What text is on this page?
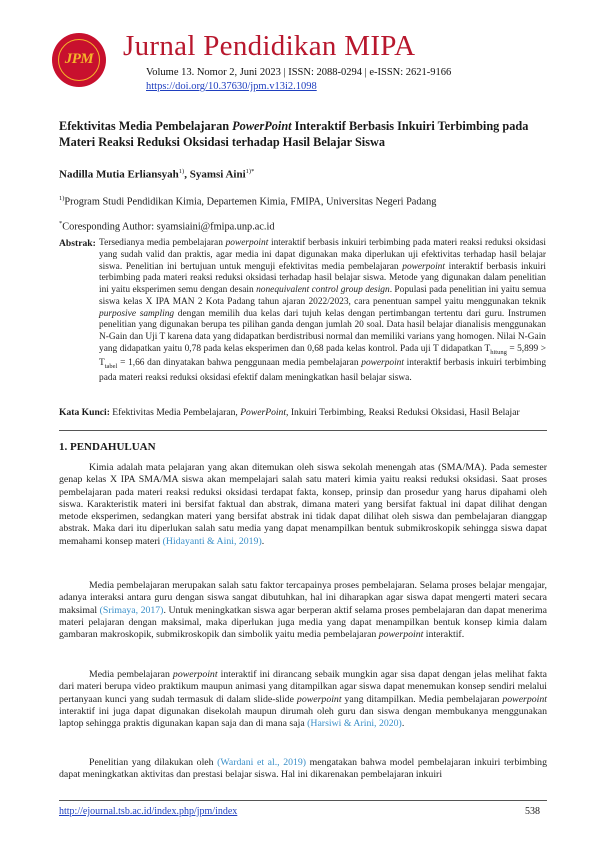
JPM Jurnal Pendidikan MIPA
Volume 13. Nomor 2, Juni 2023 | ISSN: 2088-0294 | e-ISSN: 2621-9166
https://doi.org/10.37630/jpm.v13i2.1098
Efektivitas Media Pembelajaran PowerPoint Interaktif Berbasis Inkuiri Terbimbing pada Materi Reaksi Reduksi Oksidasi terhadap Hasil Belajar Siswa
Nadilla Mutia Erliansyah$^{1)}$, Syamsi Aini$^{1)*}$
$^{1)}$Program Studi Pendidikan Kimia, Departemen Kimia, FMIPA, Universitas Negeri Padang
*Coresponding Author: syamsiaini@fmipa.unp.ac.id
Abstrak: Tersedianya media pembelajaran powerpoint interaktif berbasis inkuiri terbimbing pada materi reaksi reduksi oksidasi yang sudah valid dan praktis, agar media ini dapat digunakan maka diperlukan uji efektivitas terhadap hasil belajar siswa. Penelitian ini bertujuan untuk menguji efektivitas media pembelajaran powerpoint interaktif berbasis inkuiri terbimbing pada materi reaksi reduksi oksidasi terhadap hasil belajar siswa. Metode yang digunakan dalam penelitian ini yaitu eksperimen semu dengan desain nonequivalent control group design. Populasi pada penelitian ini yaitu semua siswa kelas X IPA MAN 2 Kota Padang tahun ajaran 2022/2023, cara penentuan sampel yaitu menggunakan teknik purposive sampling dengan memilih dua kelas dari tujuh kelas dengan pertimbangan tertentu dari guru. Instrumen penelitian yang digunakan berupa tes pilihan ganda dengan jumlah 20 soal. Data hasil belajar dianalisis menggunakan N-Gain dan Uji T karena data yang didapatkan berdistribusi normal dan memiliki varians yang homogen. Nilai N-Gain yang didapatkan yaitu 0,78 pada kelas eksperimen dan 0,68 pada kelas kontrol. Pada uji T didapatkan $T_{hitung} = 5,899 > T_{tabel} = 1,66$ dan dinyatakan bahwa penggunaan media pembelajaran powerpoint interaktif berbasis inkuiri terbimbing pada materi reaksi reduksi oksidasi efektif dalam meningkatkan hasil belajar siswa.
Kata Kunci: Efektivitas Media Pembelajaran, PowerPoint, Inkuiri Terbimbing, Reaksi Reduksi Oksidasi, Hasil Belajar
1. PENDAHULUAN
Kimia adalah mata pelajaran yang akan ditemukan oleh siswa sekolah menengah atas (SMA/MA). Pada semester genap kelas X IPA SMA/MA siswa akan mempelajari salah satu materi kimia yaitu reaksi reduksi oksidasi. Saat proses pembelajaran pada materi reaksi reduksi oksidasi terdapat fakta, konsep, prinsip dan prosedur yang harus dipahami oleh siswa. Karakteristik materi ini bersifat faktual dan abstrak, dimana materi yang bersifat faktual ini dapat dilihat dengan metode eksperimen, sedangkan materi yang bersifat abstrak ini tidak dapat dilihat oleh siswa dan pembelajaran dianggap abstrak. Maka dari itu diperlukan salah satu media yang dapat menampilkan bentuk submikroskopik sehingga siswa dapat memahami konsep materi (Hidayanti & Aini, 2019).
Media pembelajaran merupakan salah satu faktor tercapainya proses pembelajaran. Selama proses belajar mengajar, adanya interaksi antara guru dengan siswa sangat dibutuhkan, hal ini diharapkan agar siswa dapat mengerti materi secara maksimal (Srimaya, 2017). Untuk meningkatkan siswa agar berperan aktif selama proses pembelajaran dan dapat menerima materi pelajaran dengan maksimal, maka diperlukan juga media yang dapat menampilkan bentuk konsep kimia dalam gambaran makroskopik, submikroskopik dan simbolik yaitu media pembelajaran powerpoint interaktif.
Media pembelajaran powerpoint interaktif ini dirancang sebaik mungkin agar sisa dapat dengan jelas melihat fakta dari materi berupa video praktikum maupun animasi yang ditampilkan agar siswa dapat menemukan konsep sendiri melalui pertanyaan kunci yang sudah termasuk di dalam slide-slide powerpoint yang ditampilkan. Media pembelajaran powerpoint interaktif ini juga dapat digunakan disekolah maupun dirumah oleh guru dan siswa dengan membukanya menggunakan laptop sehingga praktis digunakan kapan saja dan di mana saja (Harsiwi & Arini, 2020).
Penelitian yang dilakukan oleh (Wardani et al., 2019) mengatakan bahwa model pembelajaran inkuiri terbimbing dapat meningkatkan aktivitas dan prestasi belajar siswa. Hal ini dikarenakan pembelajaran inkuiri
http://ejournal.tsb.ac.id/index.php/jpm/index	538
